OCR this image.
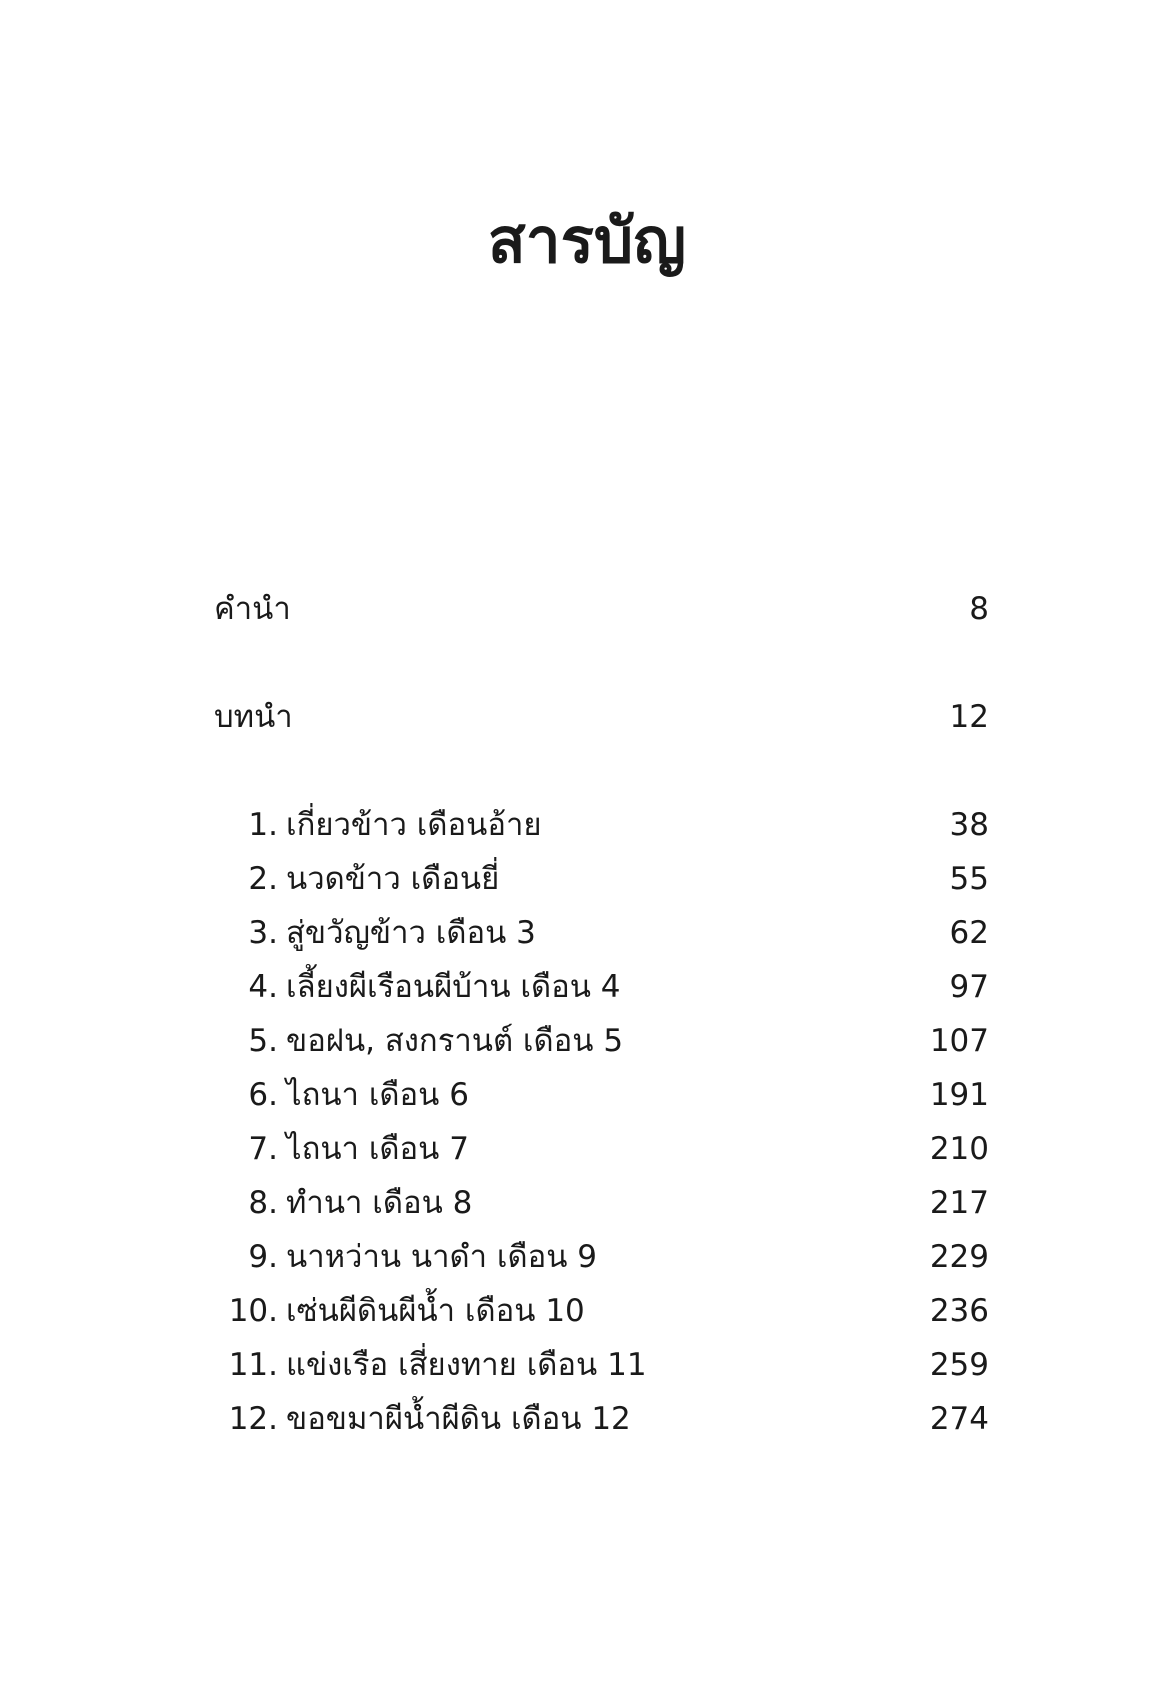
สารบัญ
คำนำ	8
บทนำ	12
1. เกี่ยวข้าว เดือนอ้าย	38
2. นวดข้าว เดือนยี่	55
3. สู่ขวัญข้าว เดือน 3	62
4. เลี้ยงผีเรือนผีบ้าน เดือน 4	97
5. ขอฝน, สงกรานต์ เดือน 5	107
6. ไถนา เดือน 6	191
7. ไถนา เดือน 7	210
8. ทำนา เดือน 8	217
9. นาหว่าน นาดำ เดือน 9	229
10. เซ่นผีดินผีน้ำ เดือน 10	236
11. แข่งเรือ เสี่ยงทาย เดือน 11	259
12. ขอขมาผีน้ำผีดิน เดือน 12	274
